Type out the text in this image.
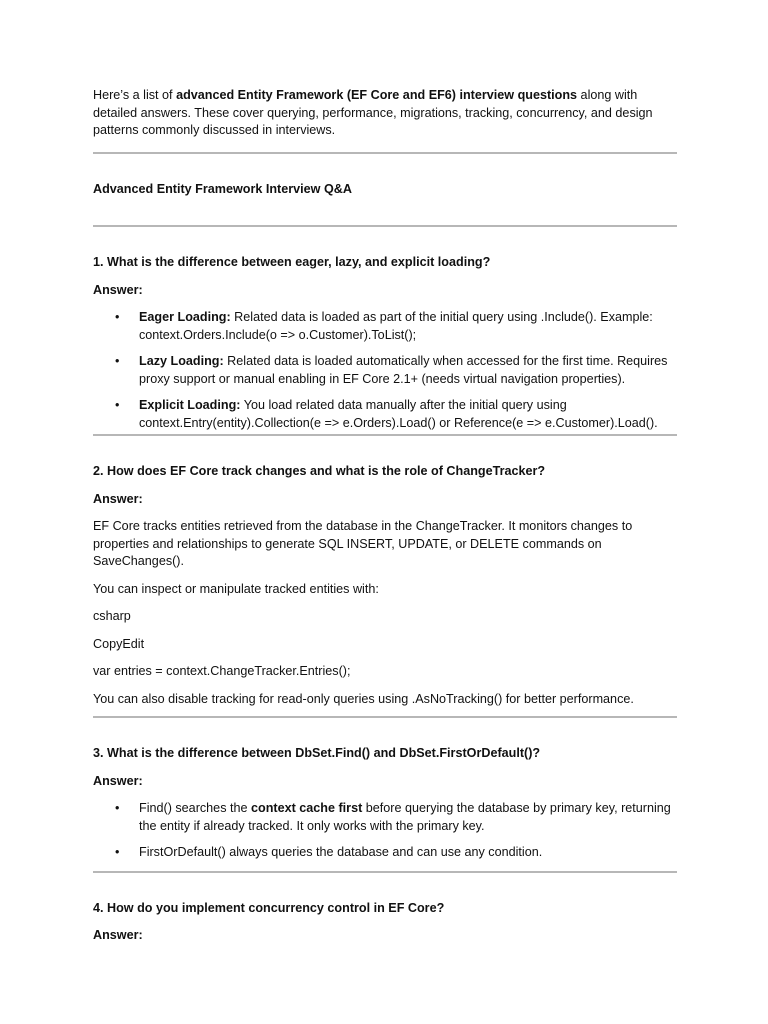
Here’s a list of advanced Entity Framework (EF Core and EF6) interview questions along with detailed answers. These cover querying, performance, migrations, tracking, concurrency, and design patterns commonly discussed in interviews.

Advanced Entity Framework Interview Q&A

1. What is the difference between eager, lazy, and explicit loading?

Answer:

• Eager Loading: Related data is loaded as part of the initial query using .Include(). Example: context.Orders.Include(o => o.Customer).ToList();
• Lazy Loading: Related data is loaded automatically when accessed for the first time. Requires proxy support or manual enabling in EF Core 2.1+ (needs virtual navigation properties).
• Explicit Loading: You load related data manually after the initial query using context.Entry(entity).Collection(e => e.Orders).Load() or Reference(e => e.Customer).Load().

2. How does EF Core track changes and what is the role of ChangeTracker?

Answer:

EF Core tracks entities retrieved from the database in the ChangeTracker. It monitors changes to properties and relationships to generate SQL INSERT, UPDATE, or DELETE commands on SaveChanges().

You can inspect or manipulate tracked entities with:

csharp

CopyEdit

var entries = context.ChangeTracker.Entries();

You can also disable tracking for read-only queries using .AsNoTracking() for better performance.

3. What is the difference between DbSet.Find() and DbSet.FirstOrDefault()?

Answer:

• Find() searches the context cache first before querying the database by primary key, returning the entity if already tracked. It only works with the primary key.
• FirstOrDefault() always queries the database and can use any condition.

4. How do you implement concurrency control in EF Core?

Answer:
